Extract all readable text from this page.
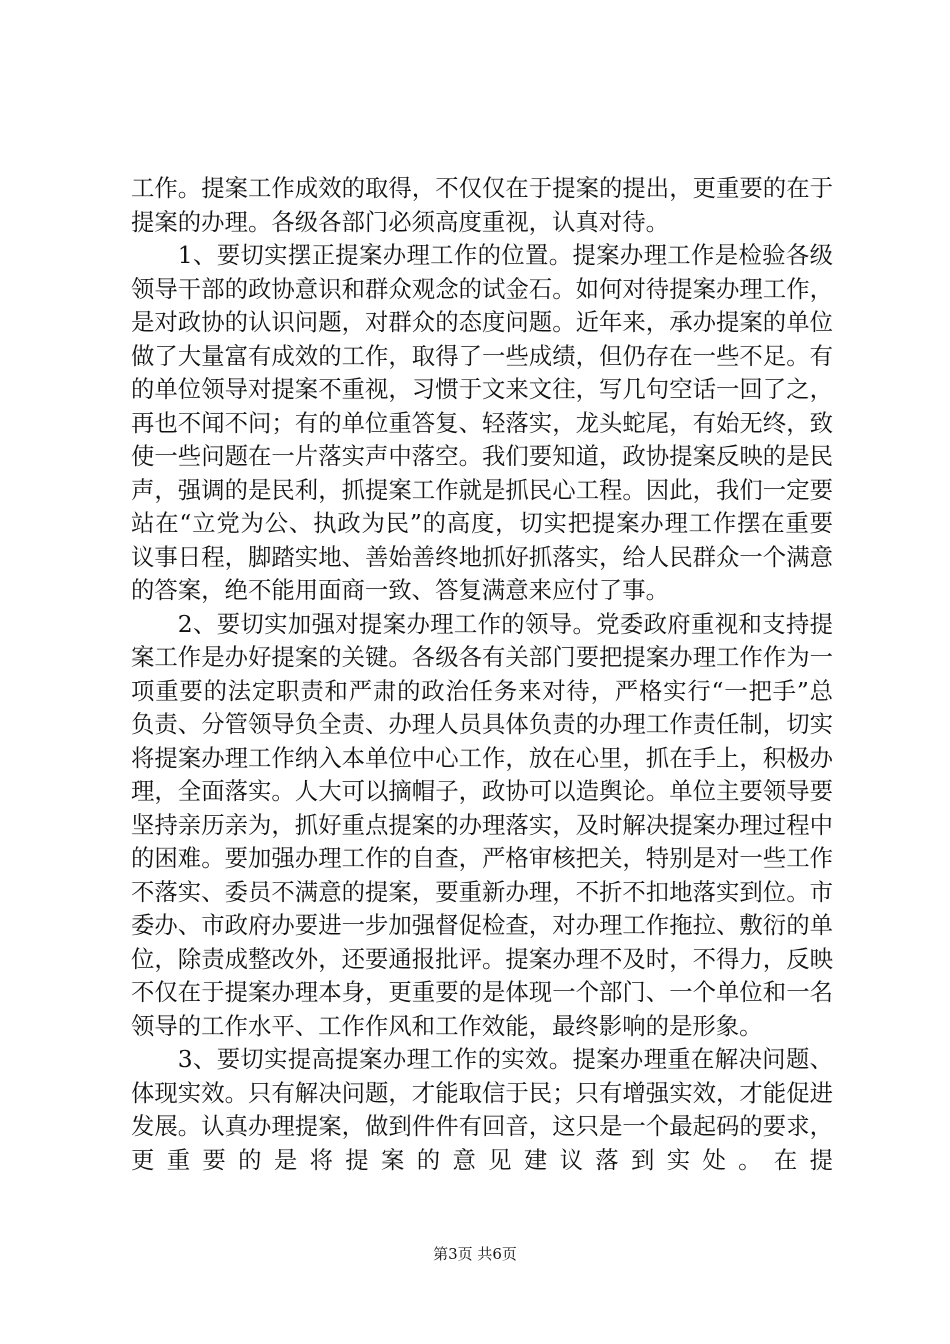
工作。提案工作成效的取得，不仅仅在于提案的提出，更重要的在于提案的办理。各级各部门必须高度重视，认真对待。

1、要切实摆正提案办理工作的位置。提案办理工作是检验各级领导干部的政协意识和群众观念的试金石。如何对待提案办理工作，是对政协的认识问题，对群众的态度问题。近年来，承办提案的单位做了大量富有成效的工作，取得了一些成绩，但仍存在一些不足。有的单位领导对提案不重视，习惯于文来文往，写几句空话一回了之，再也不闻不问；有的单位重答复、轻落实，龙头蛇尾，有始无终，致使一些问题在一片落实声中落空。我们要知道，政协提案反映的是民声，强调的是民利，抓提案工作就是抓民心工程。因此，我们一定要站在“立党为公、执政为民”的高度，切实把提案办理工作摆在重要议事日程，脚踏实地、善始善终地抓好抓落实，给人民群众一个满意的答案，绝不能用面商一致、答复满意来应付了事。

2、要切实加强对提案办理工作的领导。党委政府重视和支持提案工作是办好提案的关键。各级各有关部门要把提案办理工作作为一项重要的法定职责和严肃的政治任务来对待，严格实行“一把手”总负责、分管领导负全责、办理人员具体负责的办理工作责任制，切实将提案办理工作纳入本单位中心工作，放在心里，抓在手上，积极办理，全面落实。人大可以摘帽子，政协可以造舆论。单位主要领导要坚持亲历亲为，抓好重点提案的办理落实，及时解决提案办理过程中的困难。要加强办理工作的自查，严格审核把关，特别是对一些工作不落实、委员不满意的提案，要重新办理，不折不扣地落实到位。市委办、市政府办要进一步加强督促检查，对办理工作拖拉、敷衍的单位，除责成整改外，还要通报批评。提案办理不及时，不得力，反映不仅在于提案办理本身，更重要的是体现一个部门、一个单位和一名领导的工作水平、工作作风和工作效能，最终影响的是形象。

3、要切实提高提案办理工作的实效。提案办理重在解决问题、体现实效。只有解决问题，才能取信于民；只有增强实效，才能促进发展。认真办理提案，做到件件有回音，这只是一个最起码的要求，更重要的是将提案的意见建议落到实处。在提

第3页 共6页
